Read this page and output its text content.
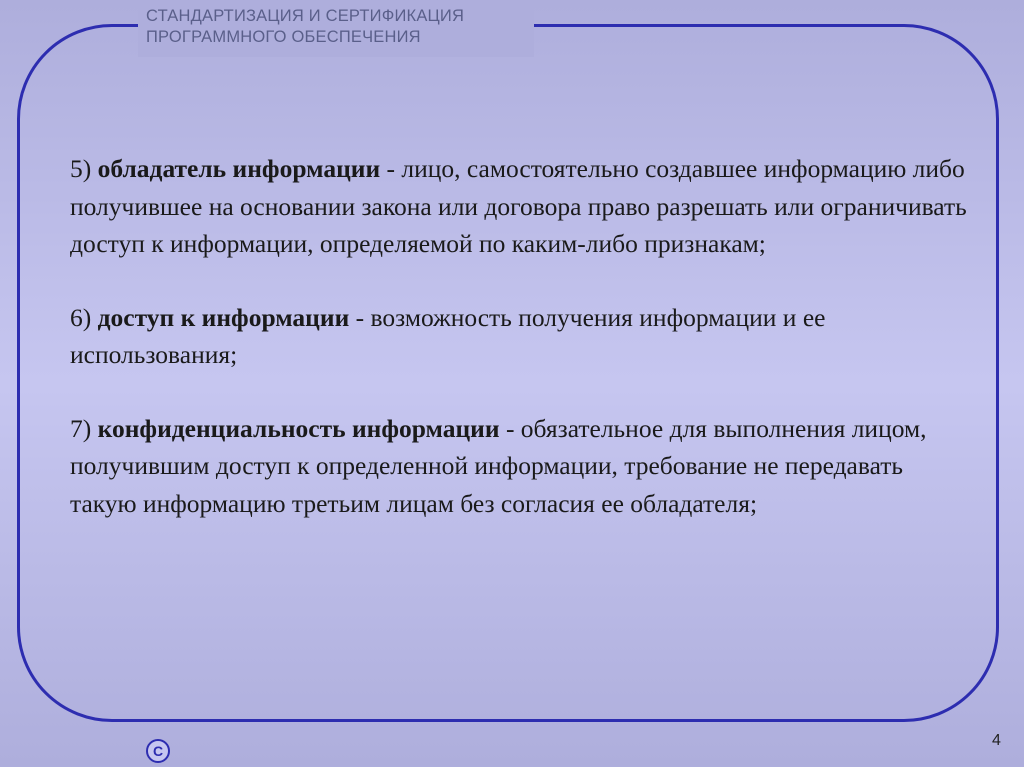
СТАНДАРТИЗАЦИЯ И СЕРТИФИКАЦИЯ
ПРОГРАММНОГО ОБЕСПЕЧЕНИЯ

5) обладатель информации - лицо, самостоятельно создавшее информацию либо получившее на основании закона или договора право разрешать или ограничивать доступ к информации, определяемой по каким-либо признакам;

6) доступ к информации - возможность получения информации и ее использования;

7) конфиденциальность информации - обязательное для выполнения лицом, получившим доступ к определенной информации, требование не передавать такую информацию третьим лицам без согласия ее обладателя;

C
4
